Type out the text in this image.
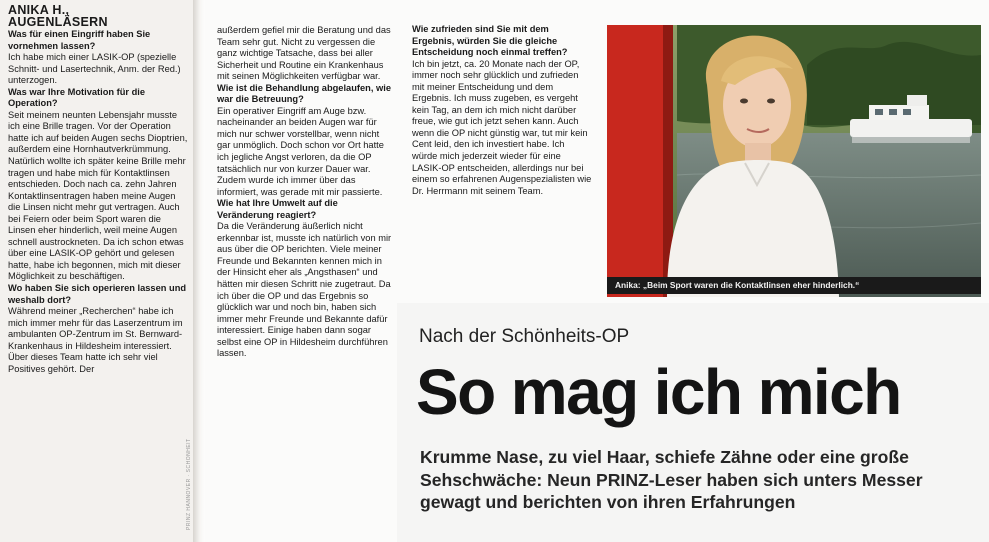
PRINZ HANNOVER · SCHÖNHEIT
ANIKA H.,
AUGENLÄSERN

Was für einen Eingriff haben Sie vornehmen lassen?

Ich habe mich einer LASIK-OP (spezielle Schnitt- und Lasertechnik, Anm. der Red.) unterzogen.

Was war Ihre Motivation für die Operation?

Seit meinem neunten Lebensjahr musste ich eine Brille tragen. Vor der Operation hatte ich auf beiden Augen sechs Dioptrien, außerdem eine Hornhautverkrümmung. Natürlich wollte ich später keine Brille mehr tragen und habe mich für Kontaktlinsen entschieden. Doch nach ca. zehn Jahren Kontaktlinsentragen haben meine Augen die Linsen nicht mehr gut vertragen. Auch bei Feiern oder beim Sport waren die Linsen eher hinderlich, weil meine Augen schnell austrockneten. Da ich schon etwas über eine LASIK-OP gehört und gelesen hatte, habe ich begonnen, mich mit dieser Möglichkeit zu beschäftigen.

Wo haben Sie sich operieren lassen und weshalb dort?

Während meiner „Recherchen“ habe ich mich immer mehr für das Laserzentrum im ambulanten OP-Zentrum im St. Bernward-Krankenhaus in Hildesheim interessiert. Über dieses Team hatte ich sehr viel Positives gehört. Der

außerdem gefiel mir die Beratung und das Team sehr gut. Nicht zu vergessen die ganz wichtige Tatsache, dass bei aller Sicherheit und Routine ein Krankenhaus mit seinen Möglichkeiten verfügbar war.

Wie ist die Behandlung abgelaufen, wie war die Betreuung?

Ein operativer Eingriff am Auge bzw. nacheinander an beiden Augen war für mich nur schwer vorstellbar, wenn nicht gar unmöglich. Doch schon vor Ort hatte ich jegliche Angst verloren, da die OP tatsächlich nur von kurzer Dauer war. Zudem wurde ich immer über das informiert, was gerade mit mir passierte.

Wie hat Ihre Umwelt auf die Veränderung reagiert?

Da die Veränderung äußerlich nicht erkennbar ist, musste ich natürlich von mir aus über die OP berichten. Viele meiner Freunde und Bekannten kennen mich in der Hinsicht eher als „Angsthasen“ und hätten mir diesen Schritt nie zugetraut. Da ich über die OP und das Ergebnis so glücklich war und noch bin, haben sich immer mehr Freunde und Bekannte dafür interessiert. Einige haben dann sogar selbst eine OP in Hildesheim durchführen lassen.

Wie zufrieden sind Sie mit dem Ergebnis, würden Sie die gleiche Entscheidung noch einmal treffen?

Ich bin jetzt, ca. 20 Monate nach der OP, immer noch sehr glücklich und zufrieden mit meiner Entscheidung und dem Ergebnis. Ich muss zugeben, es vergeht kein Tag, an dem ich mich nicht darüber freue, wie gut ich jetzt sehen kann. Auch wenn die OP nicht günstig war, tut mir kein Cent leid, den ich investiert habe. Ich würde mich jederzeit wieder für eine LASIK-OP entscheiden, allerdings nur bei einem so erfahrenen Augenspezialisten wie Dr. Herrmann mit seinem Team.

Anika: „Beim Sport waren die Kontaktlinsen eher hinderlich.“
Nach der Schönheits-OP
So mag ich mich
Krumme Nase, zu viel Haar, schiefe Zähne oder eine große Sehschwäche: Neun PRINZ-Leser haben sich unters Messer gewagt und berichten von ihren Erfahrungen
